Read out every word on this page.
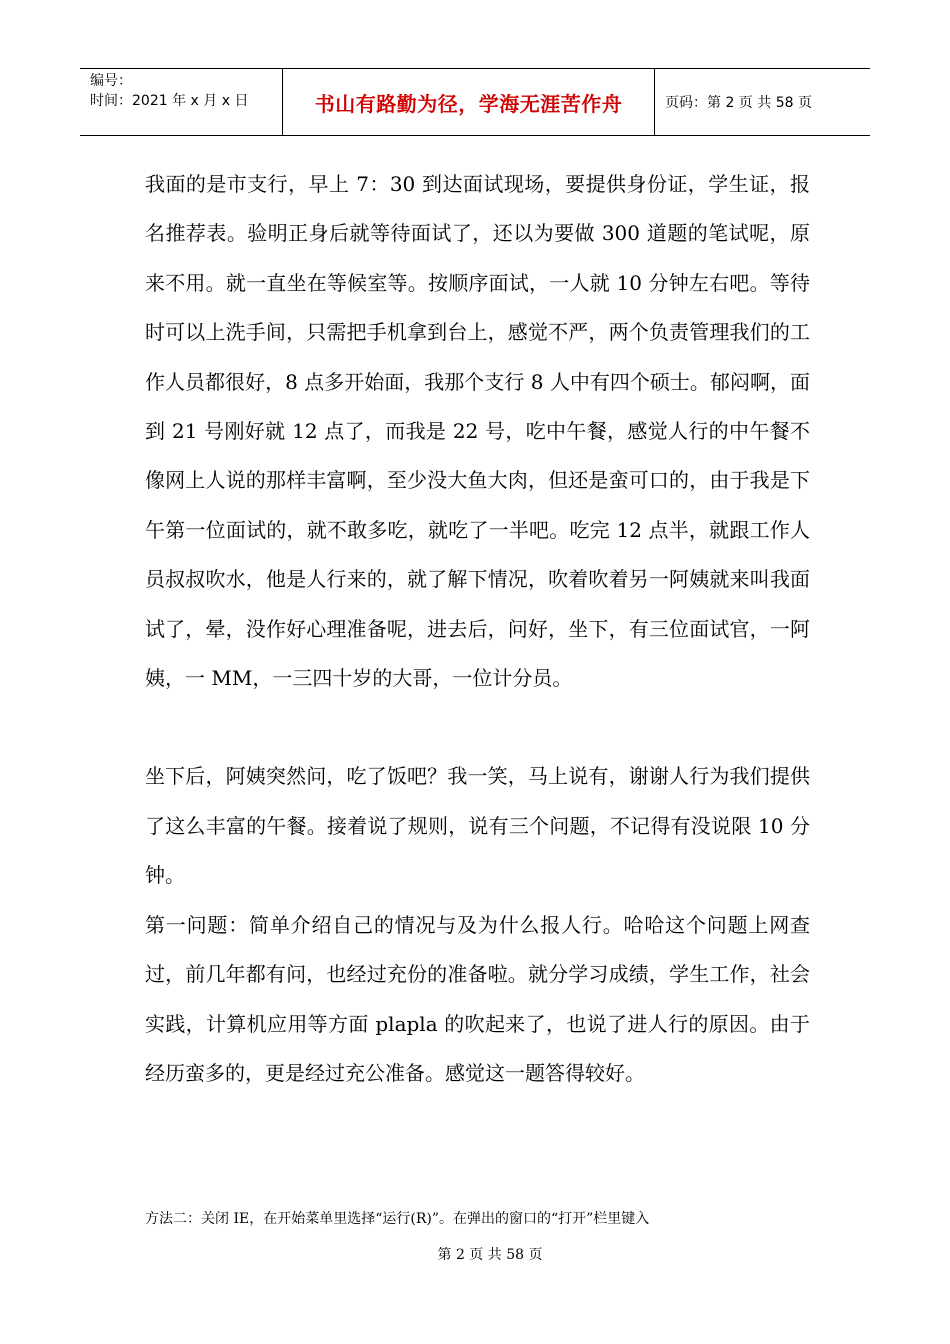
编号：
时间：2021 年 x 月 x 日	书山有路勤为径，学海无涯苦作舟	页码：第 2 页 共 58 页

我面的是市支行，早上 7：30 到达面试现场，要提供身份证，学生证，报名推荐表。验明正身后就等待面试了，还以为要做 300 道题的笔试呢，原来不用。就一直坐在等候室等。按顺序面试，一人就 10 分钟左右吧。等待时可以上洗手间，只需把手机拿到台上，感觉不严，两个负责管理我们的工作人员都很好，8 点多开始面，我那个支行 8 人中有四个硕士。郁闷啊，面到 21 号刚好就 12 点了，而我是 22 号，吃中午餐，感觉人行的中午餐不像网上人说的那样丰富啊，至少没大鱼大肉，但还是蛮可口的，由于我是下午第一位面试的，就不敢多吃，就吃了一半吧。吃完 12 点半，就跟工作人员叔叔吹水，他是人行来的，就了解下情况，吹着吹着另一阿姨就来叫我面试了，晕，没作好心理准备呢，进去后，问好，坐下，有三位面试官，一阿姨，一 MM，一三四十岁的大哥，一位计分员。

坐下后，阿姨突然问，吃了饭吧？我一笑，马上说有，谢谢人行为我们提供了这么丰富的午餐。接着说了规则，说有三个问题，不记得有没说限 10 分钟。

第一问题：简单介绍自己的情况与及为什么报人行。哈哈这个问题上网查过，前几年都有问，也经过充份的准备啦。就分学习成绩，学生工作，社会实践，计算机应用等方面 plapla 的吹起来了，也说了进人行的原因。由于经历蛮多的，更是经过充公准备。感觉这一题答得较好。

方法二：关闭 IE，在开始菜单里选择“运行(R)”。在弹出的窗口的“打开”栏里键入
第 2 页 共 58 页
